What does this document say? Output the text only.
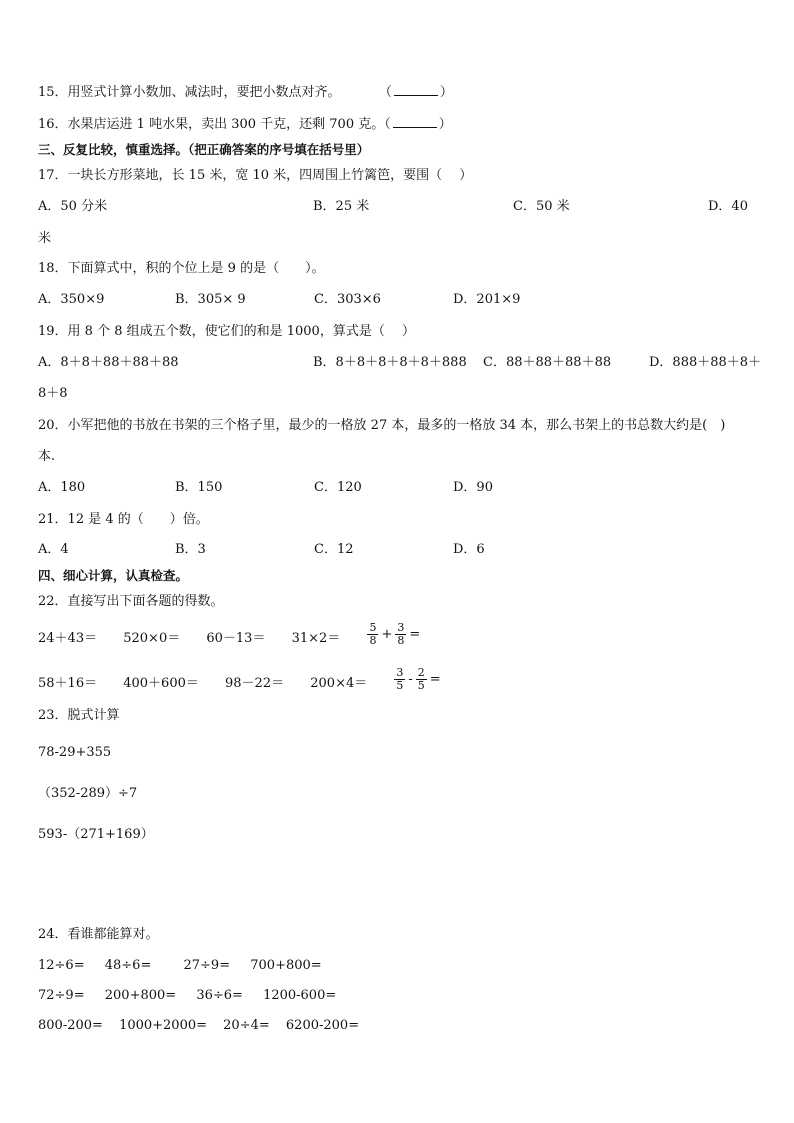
15．用竖式计算小数加、减法时，要把小数点对齐。	（	）
16．水果店运进 1 吨水果，卖出 300 千克，还剩 700 克。（	）
三、反复比较，慎重选择。（把正确答案的序号填在括号里）
17．一块长方形菜地，长 15 米，宽 10 米，四周围上竹篱笆，要围（　 ）
A．50 分米	B．25 米	C．50 米	D．40
米
18．下面算式中，积的个位上是 9 的是（　　）。
A．350×9	B．305× 9	C．303×6	D．201×9
19．用 8 个 8 组成五个数，使它们的和是 1000，算式是（　 ）
A．8＋8＋88＋88＋88	B．8＋8＋8＋8＋8＋888 C．88＋88＋88＋88	D．888＋88＋8＋
8＋8
20．小军把他的书放在书架的三个格子里，最少的一格放 27 本，最多的一格放 34 本，那么书架上的书总数大约是(　)
本.
A．180	B．150	C．120	D．90
21．12 是 4 的（　　）倍。
A．4	B．3	C．12	D．6
四、细心计算，认真检查。
22．直接写出下面各题的得数。
$24+43= 520\times 0= 60-13= 31\times 2= \frac{5}{8} + \frac{3}{8}$ =
$58+16= 400+600= 98-22= 200\times 4= \frac{3}{5} - \frac{2}{5}$ =
23．脱式计算
78-29+355
（352-289）÷7
593-（271+169）
24．看谁都能算对。
12÷6= 48÷6= 27÷9= 700+800=
72÷9= 200+800= 36÷6= 1200-600=
800-200= 1000+2000= 20÷4= 6200-200=
